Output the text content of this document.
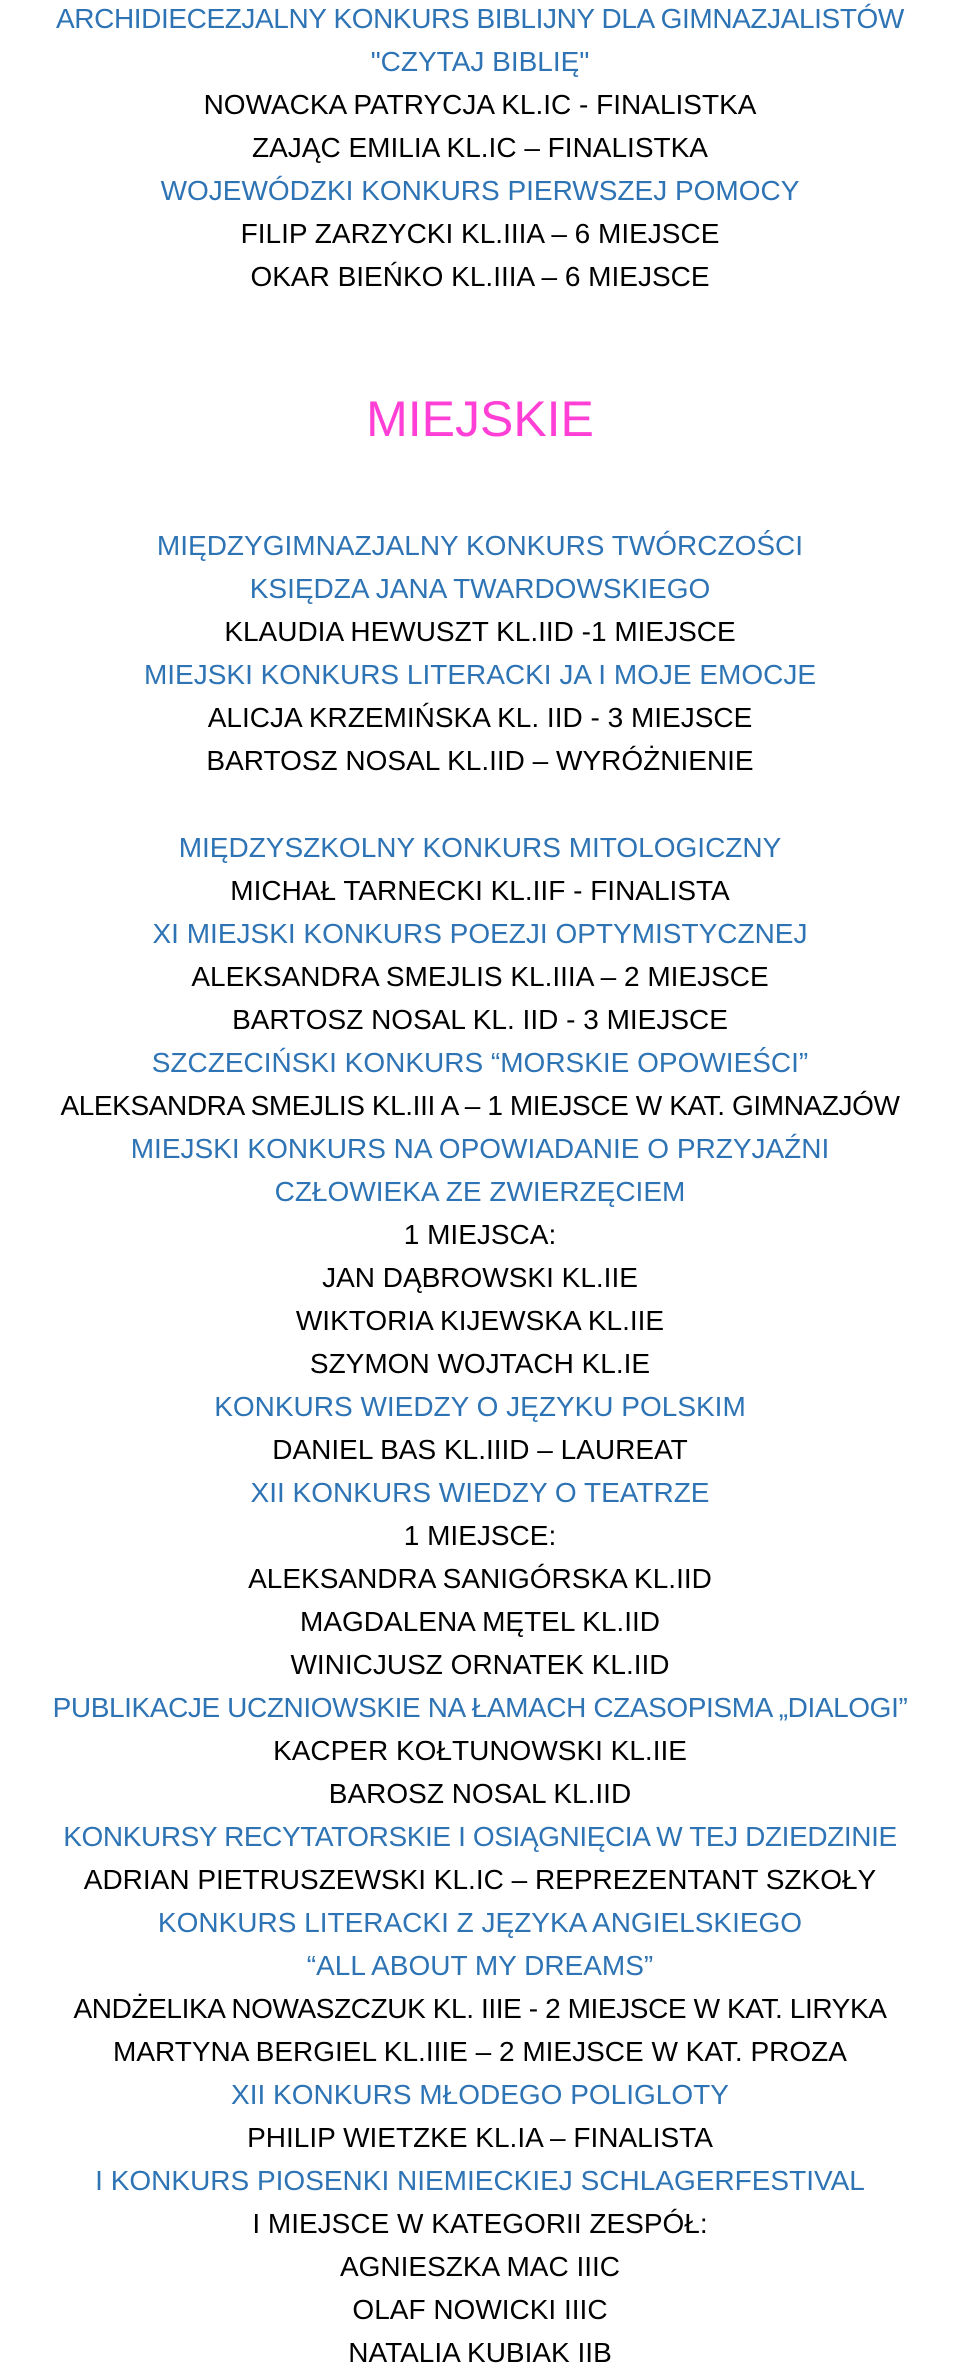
ARCHIDIECEZJALNY KONKURS BIBLIJNY DLA GIMNAZJALISTÓW
"CZYTAJ BIBLIĘ"
NOWACKA PATRYCJA KL.IC - FINALISTKA
ZAJĄC EMILIA KL.IC – FINALISTKA
WOJEWÓDZKI KONKURS PIERWSZEJ POMOCY
FILIP ZARZYCKI KL.IIIA – 6 MIEJSCE
OKAR BIEŃKO KL.IIIA – 6 MIEJSCE
MIEJSKIE
MIĘDZYGIMNAZJALNY KONKURS TWÓRCZOŚCI
KSIĘDZA JANA TWARDOWSKIEGO
KLAUDIA HEWUSZT KL.IID -1 MIEJSCE
MIEJSKI KONKURS LITERACKI JA I MOJE EMOCJE
ALICJA KRZEMIŃSKA KL. IID - 3 MIEJSCE
BARTOSZ NOSAL KL.IID – WYRÓŻNIENIE
MIĘDZYSZKOLNY KONKURS MITOLOGICZNY
MICHAŁ TARNECKI KL.IIF - FINALISTA
XI MIEJSKI KONKURS POEZJI OPTYMISTYCZNEJ
ALEKSANDRA SMEJLIS KL.IIIA – 2 MIEJSCE
BARTOSZ NOSAL KL. IID - 3 MIEJSCE
SZCZECIŃSKI KONKURS “MORSKIE OPOWIEŚCI”
ALEKSANDRA SMEJLIS KL.III A – 1 MIEJSCE W KAT. GIMNAZJÓW
MIEJSKI KONKURS NA OPOWIADANIE O PRZYJAŹNI
CZŁOWIEKA ZE ZWIERZĘCIEM
1 MIEJSCA:
JAN DĄBROWSKI KL.IIE
WIKTORIA KIJEWSKA KL.IIE
SZYMON WOJTACH KL.IE
KONKURS WIEDZY O JĘZYKU POLSKIM
DANIEL BAS KL.IIID – LAUREAT
XII KONKURS WIEDZY O TEATRZE
1 MIEJSCE:
ALEKSANDRA SANIGÓRSKA KL.IID
MAGDALENA MĘTEL KL.IID
WINICJUSZ ORNATEK KL.IID
PUBLIKACJE UCZNIOWSKIE NA ŁAMACH CZASOPISMA „DIALOGI”
KACPER KOŁTUNOWSKI KL.IIE
BAROSZ NOSAL KL.IID
KONKURSY RECYTATORSKIE I OSIĄGNIĘCIA W TEJ DZIEDZINIE
ADRIAN PIETRUSZEWSKI KL.IC – REPREZENTANT SZKOŁY
KONKURS LITERACKI Z JĘZYKA ANGIELSKIEGO
“ALL ABOUT MY DREAMS”
ANDŻELIKA NOWASZCZUK KL. IIIE - 2 MIEJSCE W KAT. LIRYKA
MARTYNA BERGIEL KL.IIIE – 2 MIEJSCE W KAT. PROZA
XII KONKURS MŁODEGO POLIGLOTY
PHILIP WIETZKE KL.IA – FINALISTA
I KONKURS PIOSENKI NIEMIECKIEJ SCHLAGERFESTIVAL
I MIEJSCE W KATEGORII ZESPÓŁ:
AGNIESZKA MAC IIIC
OLAF NOWICKI IIIC
NATALIA KUBIAK IIB
